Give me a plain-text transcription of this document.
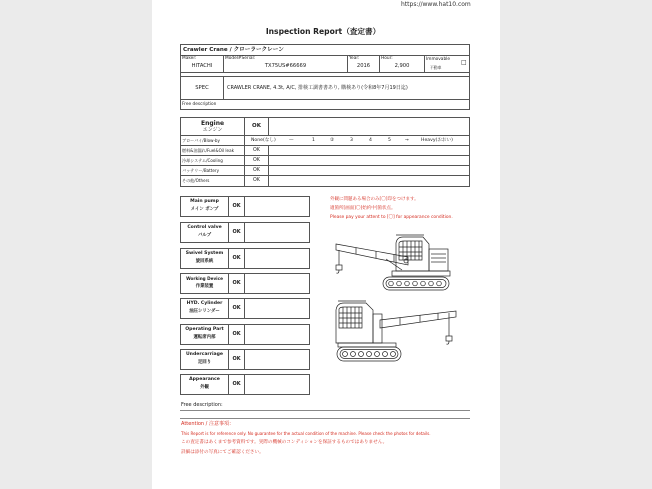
https://www.hat10.com
Inspection Report（査定書）
Crawler Crane / クローラークレーン
Maker:
HITACHI
Model#Serial:
TX75US#66669
Year:
2016
Hour:
2,900
Immovable
不動車
□
SPEC	CRAWLER CRANE, 4.3t, A/C, 排検工調書書あり, 購検あり(令和8年7月19日迄)
Free description
Engine
エンジン
OK
ブローバイ/Blow-by	None(なし)	—	1	②	3	4	5	→	Heavy(おおい)
燃料&油漏れ/Fuel&Oil leak	OK
冷却システム/Cooling	OK
バッテリー/Battery	OK
その他/Others	OK
Main pump
メイン ポンプ
OK
Control valve
バルブ
OK
Swivel System
旋回系統
OK
Working Device
作業装置
OK
HYD. Cylinder
油圧シリンダー
OK
Operating Part
運転席内部
OK
Undercarriage
足回り
OK
Appearance
外観
OK
外観に問題ある場合のみ[〇]印をつけます。
適箇所[画面]〇]始約中]箇状点。
Please pay your attent to [〇] for appearance condition.
Free description:
Attention / 注意事項：
This Report is for reference only. No guarantee for the actual condition of the machine. Please check the photos for details.
この査定書はあくまで参考資料です。実際の機械のコンディションを保証するものではありません。
詳細は添付の写真にてご確認ください。
